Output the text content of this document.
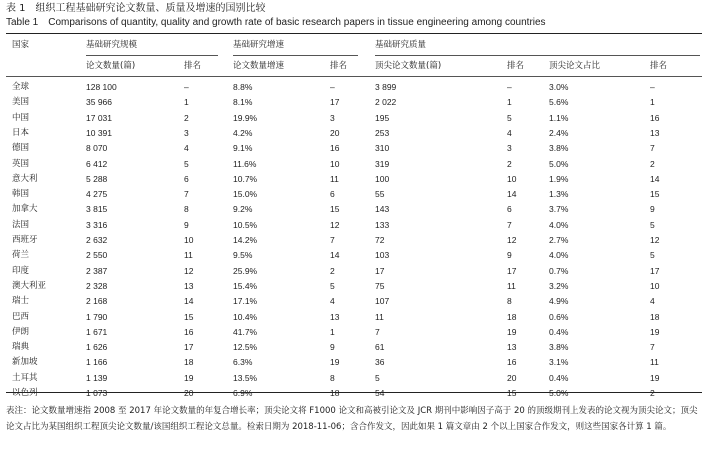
表 1　组织工程基础研究论文数量、质量及增速的国别比较
Table 1　Comparisons of quantity, quality and growth rate of basic research papers in tissue engineering among countries
国家	基础研究规模	基础研究增速	基础研究质量
论文数量(篇)	排名	论文数量增速	排名	顶尖论文数量(篇)	排名	顶尖论文占比	排名
全球	128 100	–	8.8%	–	3 899	–	3.0%	–
美国	35 966	1	8.1%	17	2 022	1	5.6%	1
中国	17 031	2	19.9%	3	195	5	1.1%	16
日本	10 391	3	4.2%	20	253	4	2.4%	13
德国	8 070	4	9.1%	16	310	3	3.8%	7
英国	6 412	5	11.6%	10	319	2	5.0%	2
意大利	5 288	6	10.7%	11	100	10	1.9%	14
韩国	4 275	7	15.0%	6	55	14	1.3%	15
加拿大	3 815	8	9.2%	15	143	6	3.7%	9
法国	3 316	9	10.5%	12	133	7	4.0%	5
西班牙	2 632	10	14.2%	7	72	12	2.7%	12
荷兰	2 550	11	9.5%	14	103	9	4.0%	5
印度	2 387	12	25.9%	2	17	17	0.7%	17
澳大利亚	2 328	13	15.4%	5	75	11	3.2%	10
瑞士	2 168	14	17.1%	4	107	8	4.9%	4
巴西	1 790	15	10.4%	13	11	18	0.6%	18
伊朗	1 671	16	41.7%	1	7	19	0.4%	19
瑞典	1 626	17	12.5%	9	61	13	3.8%	7
新加坡	1 166	18	6.3%	19	36	16	3.1%	11
土耳其	1 139	19	13.5%	8	5	20	0.4%	19
以色列	1 073	20	6.9%	18	54	15	5.0%	2
表注：论文数量增速指 2008 至 2017 年论文数量的年复合增长率；顶尖论文将 F1000 论文和高被引论文及 JCR 期刊中影响因子高于 20 的顶级期刊上发表的论文视为顶尖论文；顶尖论文占比为某国组织工程顶尖论文数量/该国组织工程论文总量。检索日期为 2018-11-06；含合作发文，因此如果 1 篇文章由 2 个以上国家合作发文，则这些国家各计算 1 篇。
